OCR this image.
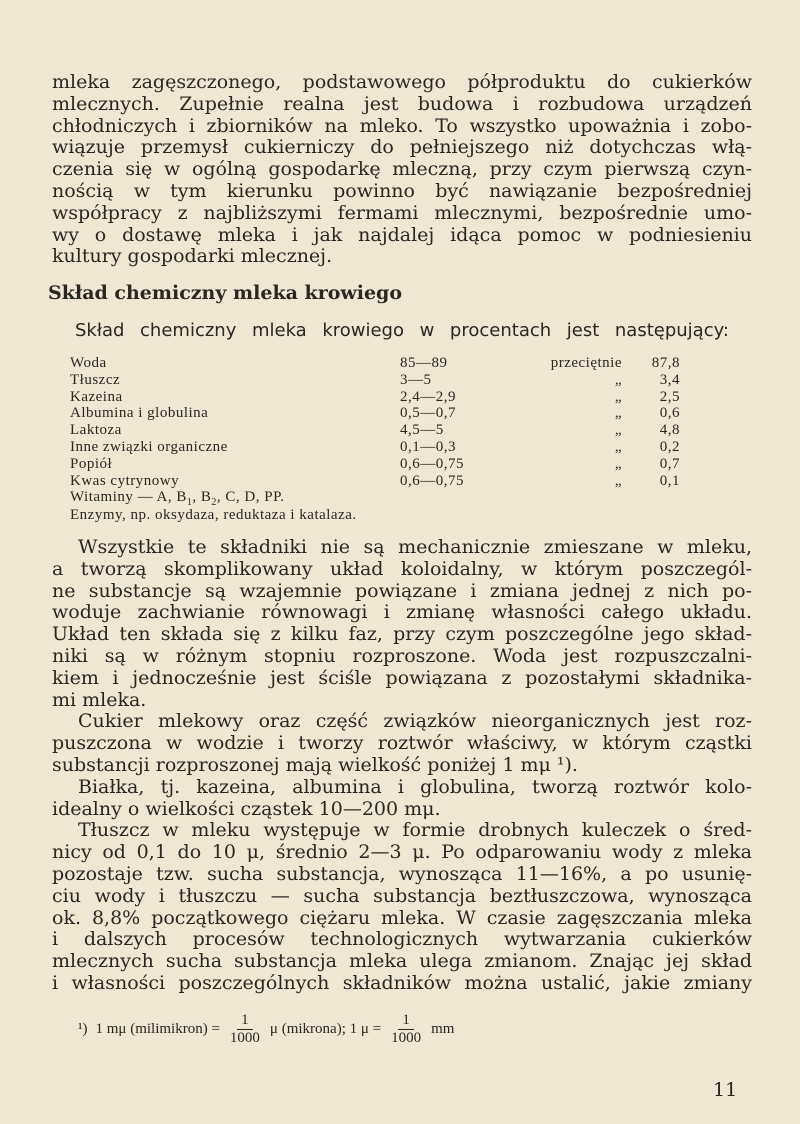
mleka zagęszczonego, podstawowego półproduktu do cukierków
mlecznych. Zupełnie realna jest budowa i rozbudowa urządzeń
chłodniczych i zbiorników na mleko. To wszystko upoważnia i zobo-
wiązuje przemysł cukierniczy do pełniejszego niż dotychczas włą-
czenia się w ogólną gospodarkę mleczną, przy czym pierwszą czyn-
nością w tym kierunku powinno być nawiązanie bezpośredniej
współpracy z najbliższymi fermami mlecznymi, bezpośrednie umo-
wy o dostawę mleka i jak najdalej idąca pomoc w podniesieniu
kultury gospodarki mlecznej.
Skład chemiczny mleka krowiego

Skład chemiczny mleka krowiego w procentach jest następujący:

Woda	85—89	przeciętnie	87,8
Tłuszcz	3—5	„	3,4
Kazeina	2,4—2,9	„	2,5
Albumina i globulina	0,5—0,7	„	0,6
Laktoza	4,5—5	„	4,8
Inne związki organiczne	0,1—0,3	„	0,2
Popiół	0,6—0,75	„	0,7
Kwas cytrynowy	0,6—0,75	„	0,1

Witaminy — A, $B_1$, $B_2$, C, D, PP.

Enzymy, np. oksydaza, reduktaza i katalaza.

Wszystkie te składniki nie są mechanicznie zmieszane w mleku,
a tworzą skomplikowany układ koloidalny, w którym poszczegól-
ne substancje są wzajemnie powiązane i zmiana jednej z nich po-
woduje zachwianie równowagi i zmianę własności całego układu.
Układ ten składa się z kilku faz, przy czym poszczególne jego skład-
niki są w różnym stopniu rozproszone. Woda jest rozpuszczalni-
kiem i jednocześnie jest ściśle powiązana z pozostałymi składnika-
mi mleka.
Cukier mlekowy oraz część związków nieorganicznych jest roz-
puszczona w wodzie i tworzy roztwór właściwy, w którym cząstki
substancji rozproszonej mają wielkość poniżej 1 mμ ¹).
Białka, tj. kazeina, albumina i globulina, tworzą roztwór kolo-
idealny o wielkości cząstek 10—200 mμ.
Tłuszcz w mleku występuje w formie drobnych kuleczek o śred-
nicy od 0,1 do 10 μ, średnio 2—3 μ. Po odparowaniu wody z mleka
pozostaje tzw. sucha substancja, wynosząca 11—16%, a po usunię-
ciu wody i tłuszczu — sucha substancja beztłuszczowa, wynosząca
ok. 8,8% początkowego ciężaru mleka. W czasie zagęszczania mleka
i dalszych procesów technologicznych wytwarzania cukierków
mlecznych sucha substancja mleka ulega zmianom. Znając jej skład
i własności poszczególnych składników można ustalić, jakie zmiany
¹) 1 mμ (milimikron) = $\frac{1}{1000}$ μ (mikrona); 1 $\mu = \frac{1}{1000}$ mm

11
